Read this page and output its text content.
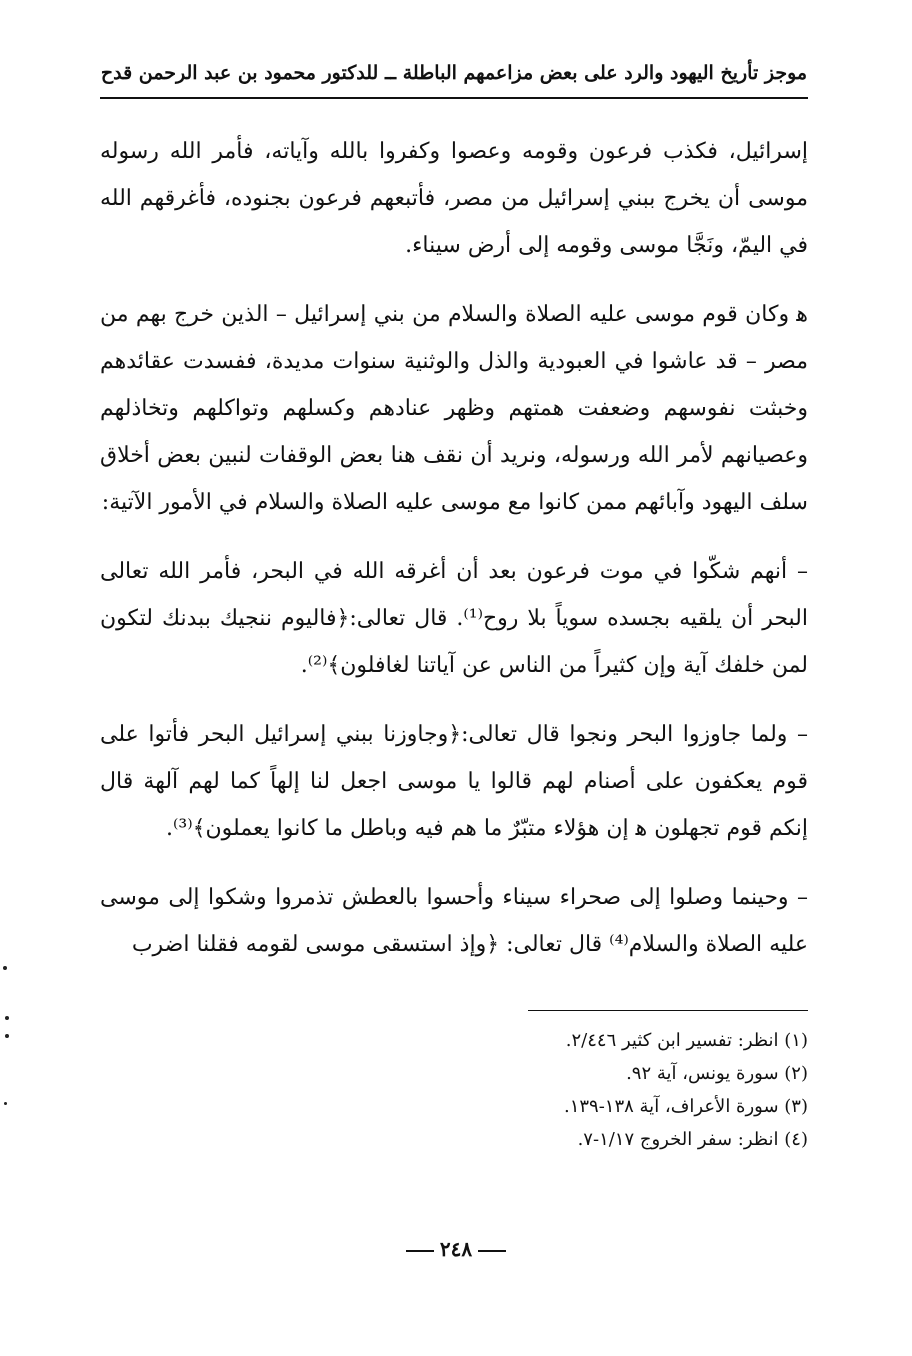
موجز تأريخ اليهود والرد على بعض مزاعمهم الباطلة ــ للدكتور محمود بن عبد الرحمن قدح

إسرائيل، فكذب فرعون وقومه وعصوا وكفروا بالله وآياته، فأمر الله رسوله موسى أن يخرج ببني إسرائيل من مصر، فأتبعهم فرعون بجنوده، فأغرقهم الله في اليمّ، ونَجَّا موسى وقومه إلى أرض سيناء.

ﻫ وكان قوم موسى عليه الصلاة والسلام من بني إسرائيل – الذين خرج بهم من مصر – قد عاشوا في العبودية والذل والوثنية سنوات مديدة، ففسدت عقائدهم وخبثت نفوسهم وضعفت همتهم وظهر عنادهم وكسلهم وتواكلهم وتخاذلهم وعصيانهم لأمر الله ورسوله، ونريد أن نقف هنا بعض الوقفات لنبين بعض أخلاق سلف اليهود وآبائهم ممن كانوا مع موسى عليه الصلاة والسلام في الأمور الآتية:

– أنهم شكّوا في موت فرعون بعد أن أغرقه الله في البحر، فأمر الله تعالى البحر أن يلقيه بجسده سوياً بلا روح⁽¹⁾. قال تعالى:﴿فاليوم ننجيك ببدنك لتكون لمن خلفك آية وإن كثيراً من الناس عن آياتنا لغافلون﴾⁽²⁾.

– ولما جاوزوا البحر ونجوا قال تعالى:﴿وجاوزنا ببني إسرائيل البحر فأتوا على قوم يعكفون على أصنام لهم قالوا يا موسى اجعل لنا إلهاً كما لهم آلهة قال إنكم قوم تجهلون ﻫ إن هؤلاء متبّرٌ ما هم فيه وباطل ما كانوا يعملون﴾⁽³⁾.

– وحينما وصلوا إلى صحراء سيناء وأحسوا بالعطش تذمروا وشكوا إلى موسى عليه الصلاة والسلام⁽⁴⁾ قال تعالى: ﴿وإذ استسقى موسى لقومه فقلنا اضرب

(١) انظر: تفسير ابن كثير ٢/٤٤٦.
(٢) سورة يونس، آية ٩٢.
(٣) سورة الأعراف، آية ١٣٨-١٣٩.
(٤) انظر: سفر الخروج ١/١٧-٧.
٢٤٨
